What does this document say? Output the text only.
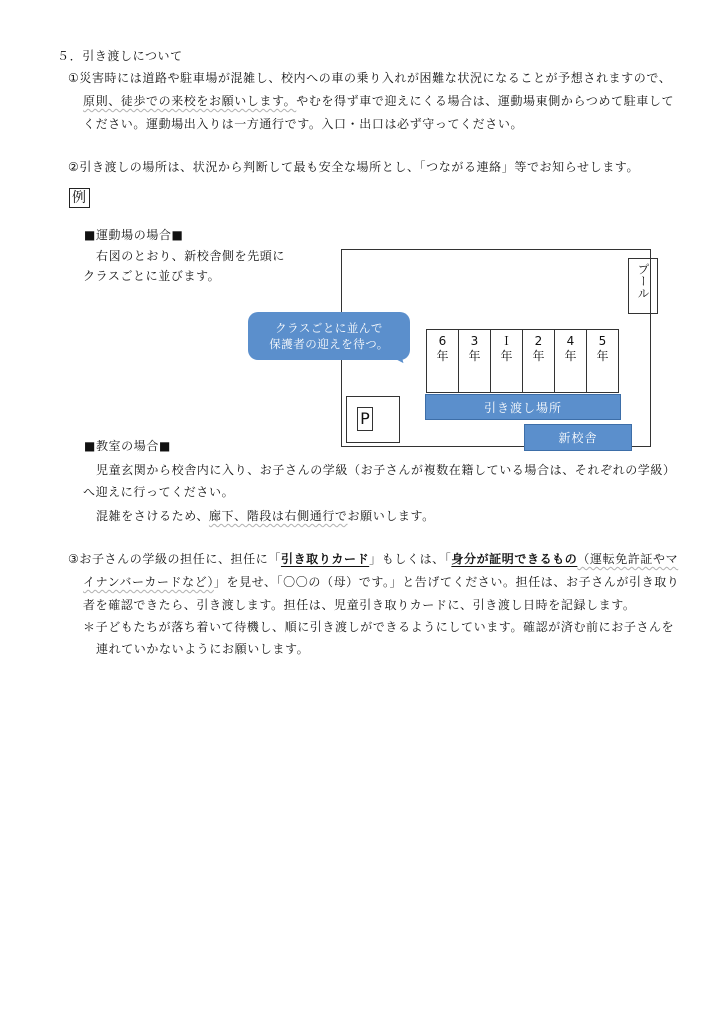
５．引き渡しについて
①災害時には道路や駐車場が混雑し、校内への車の乗り入れが困難な状況になることが予想されますので、
原則、徒歩での来校をお願いします。やむを得ず車で迎えにくる場合は、運動場東側からつめて駐車して
ください。運動場出入りは一方通行です。入口・出口は必ず守ってください。
②引き渡しの場所は、状況から判断して最も安全な場所とし、「つながる連絡」等でお知らせします。
例
■運動場の場合■
右図のとおり、新校舎側を先頭に
クラスごとに並びます。	プール
6
年
3
年
Ｉ
年
2
年
4
年
5
年
引き渡し場所
新校舎
P
クラスごとに並んで
保護者の迎えを待つ。
■教室の場合■
児童玄関から校舎内に入り、お子さんの学級（お子さんが複数在籍している場合は、それぞれの学級）
へ迎えに行ってください。
混雑をさけるため、廊下、階段は右側通行でお願いします。
③お子さんの学級の担任に、担任に「引き取りカード」もしくは、「身分が証明できるもの（運転免許証やマ
イナンバーカードなど）」を見せ、「〇〇の（母）です。」と告げてください。担任は、お子さんが引き取り
者を確認できたら、引き渡します。担任は、児童引き取りカードに、引き渡し日時を記録します。
＊子どもたちが落ち着いて待機し、順に引き渡しができるようにしています。確認が済む前にお子さんを
連れていかないようにお願いします。
